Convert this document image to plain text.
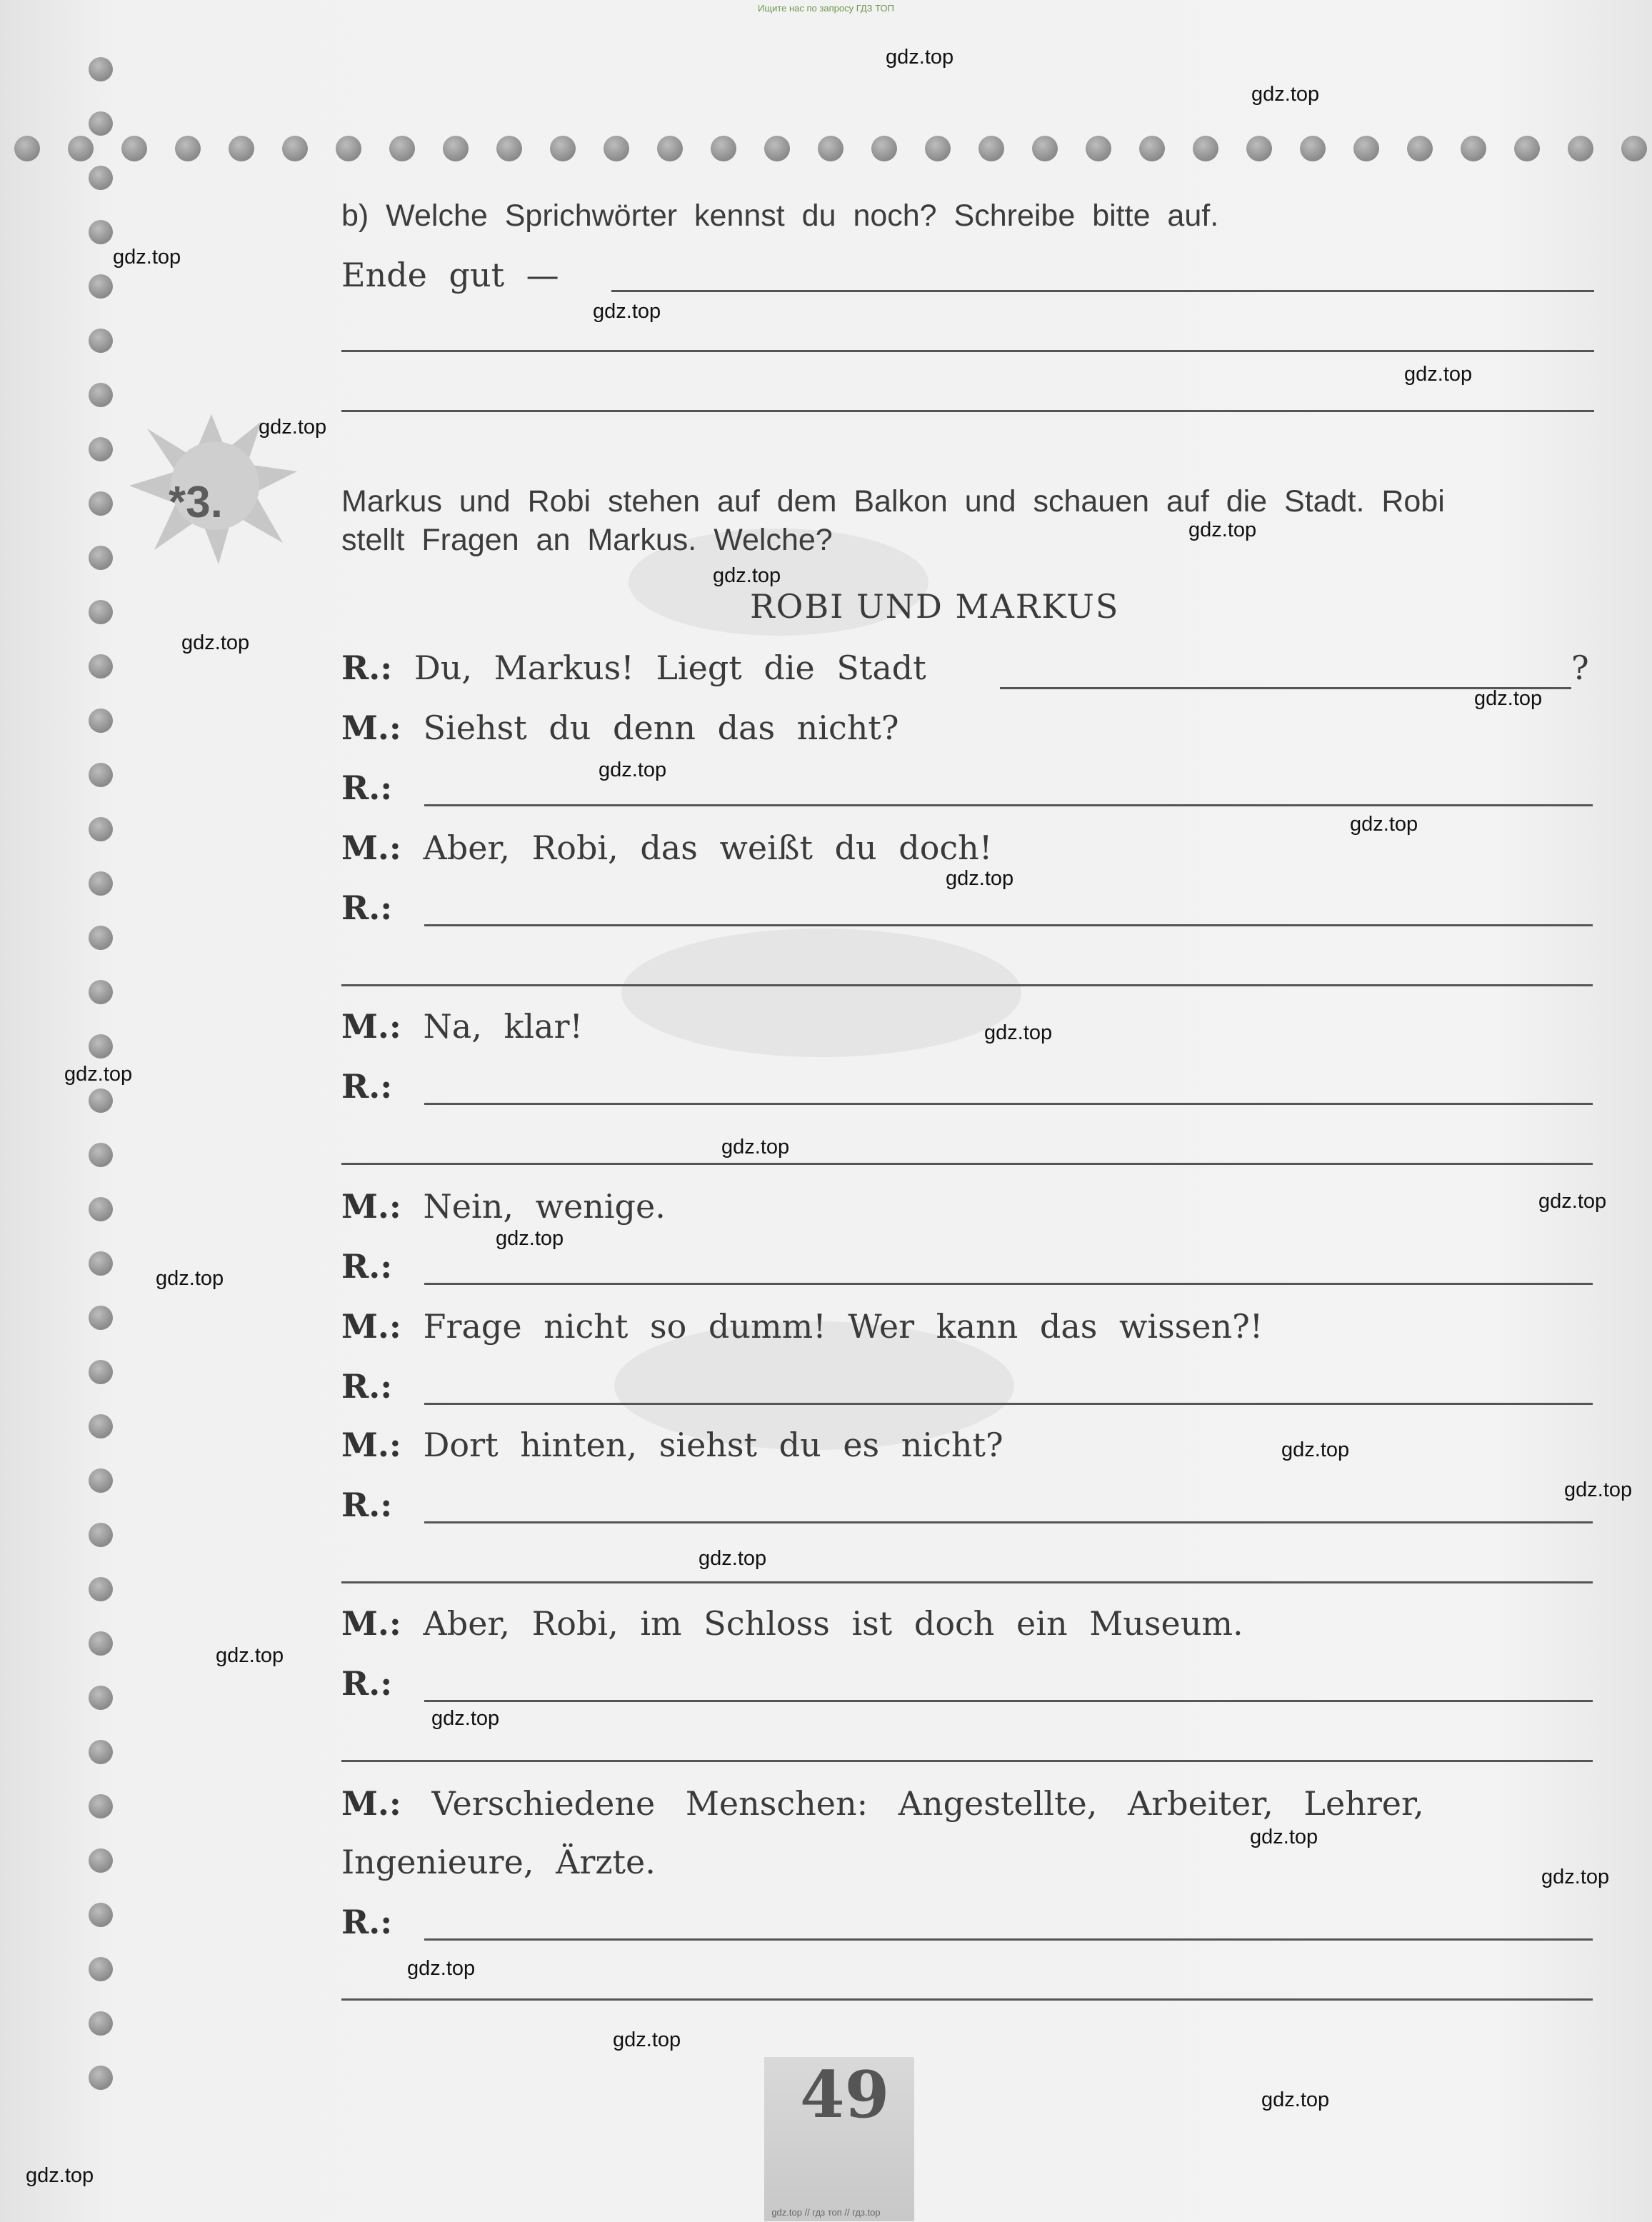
Ищите нас по запросу ГДЗ ТОП
b) Welche Sprichwörter kennst du noch? Schreibe bitte auf.
Ende gut —
*3.	Markus und Robi stehen auf dem Balkon und schauen auf die Stadt. Robi
stellt Fragen an Markus. Welche?
ROBI UND MARKUS
R.: Du, Markus! Liegt die Stadt	?
M.: Siehst du denn das nicht?
R.:
M.: Aber, Robi, das weißt du doch!
R.:
M.: Na, klar!
R.:
M.: Nein, wenige.
R.:
M.: Frage nicht so dumm! Wer kann das wissen?!
R.:
M.: Dort hinten, siehst du es nicht?
R.:
M.: Aber, Robi, im Schloss ist doch ein Museum.
R.:
M.: Verschiedene Menschen: Angestellte, Arbeiter, Lehrer,
Ingenieure, Ärzte.
R.:
49
gdz.top
gdz.top
gdz.top
gdz.top
gdz.top
gdz.top
gdz.top
gdz.top
gdz.top
gdz.top
gdz.top
gdz.top
gdz.top
gdz.top
gdz.top
gdz.top
gdz.top
gdz.top
gdz.top
gdz.top
gdz.top
gdz.top
gdz.top
gdz.top
gdz.top
gdz.top
gdz.top
gdz.top
gdz.top
gdz.top
gdz.top // гдз топ // гдз.top
